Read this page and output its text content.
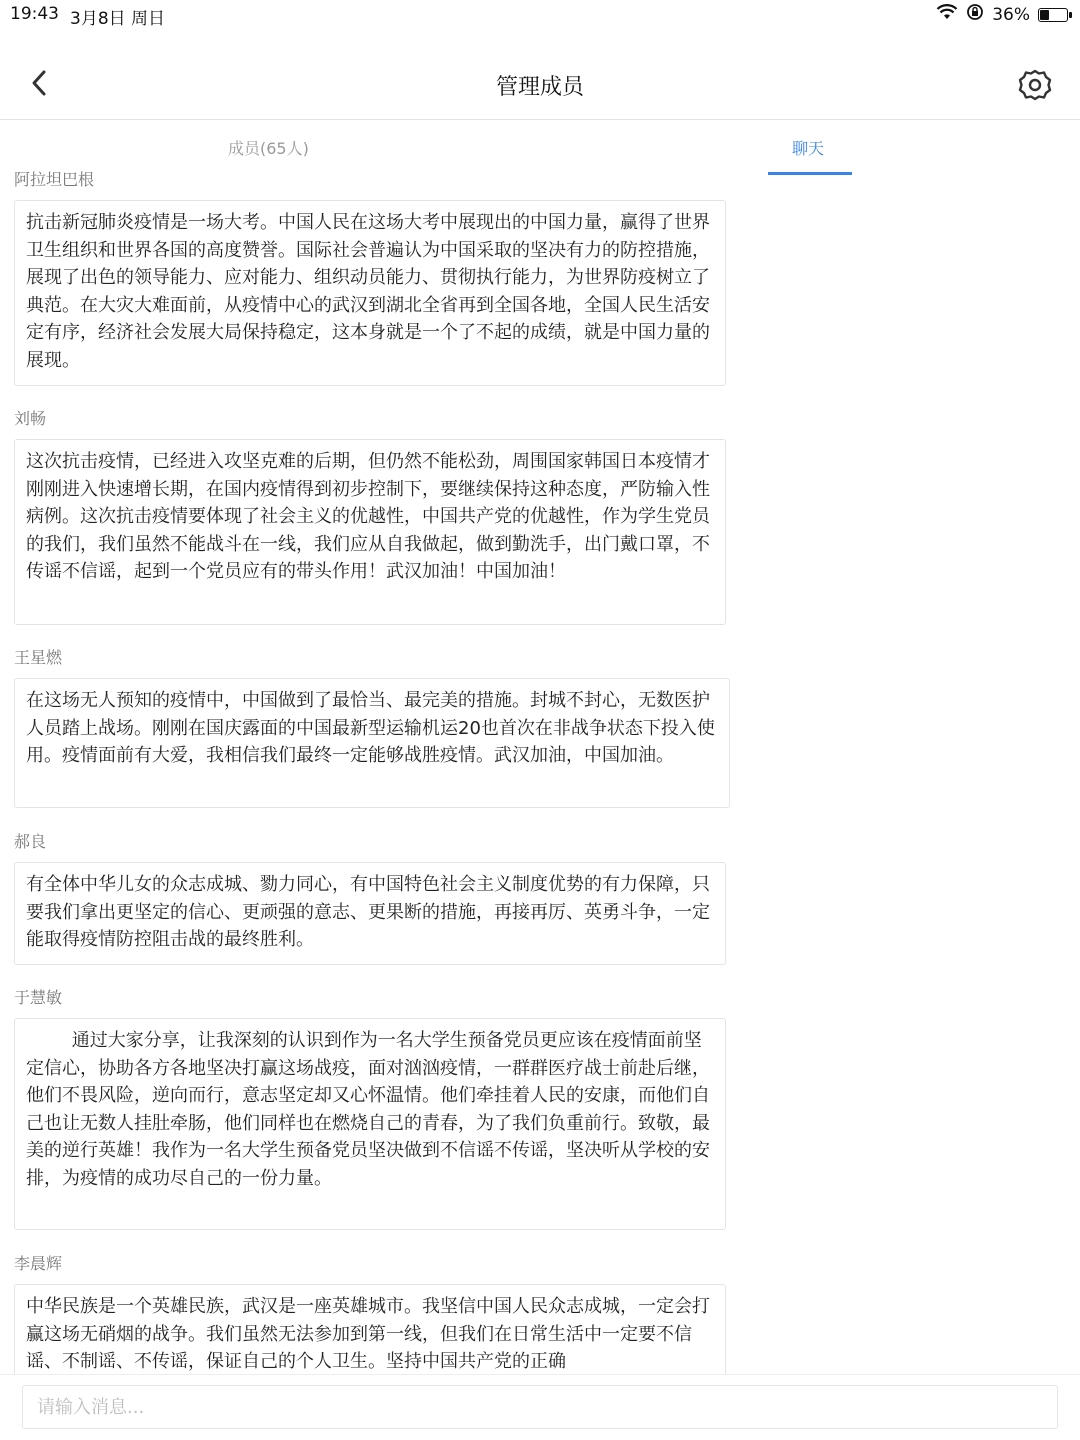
19:43 3月8日 周日	36%
管理成员
成员(65人)	聊天
阿拉坦巴根
抗击新冠肺炎疫情是一场大考。中国人民在这场大考中展现出的中国力量，赢得了世界卫生组织和世界各国的高度赞誉。国际社会普遍认为中国采取的坚决有力的防控措施，展现了出色的领导能力、应对能力、组织动员能力、贯彻执行能力，为世界防疫树立了典范。在大灾大难面前，从疫情中心的武汉到湖北全省再到全国各地，全国人民生活安定有序，经济社会发展大局保持稳定，这本身就是一个了不起的成绩，就是中国力量的展现。
刘畅
这次抗击疫情，已经进入攻坚克难的后期，但仍然不能松劲，周围国家韩国日本疫情才刚刚进入快速增长期，在国内疫情得到初步控制下，要继续保持这种态度，严防输入性病例。这次抗击疫情要体现了社会主义的优越性，中国共产党的优越性，作为学生党员的我们，我们虽然不能战斗在一线，我们应从自我做起，做到勤洗手，出门戴口罩，不传谣不信谣，起到一个党员应有的带头作用！武汉加油！中国加油！
王星燃
在这场无人预知的疫情中，中国做到了最恰当、最完美的措施。封城不封心，无数医护人员踏上战场。刚刚在国庆露面的中国最新型运输机运20也首次在非战争状态下投入使用。疫情面前有大爱，我相信我们最终一定能够战胜疫情。武汉加油，中国加油。
郝良
有全体中华儿女的众志成城、勠力同心，有中国特色社会主义制度优势的有力保障，只要我们拿出更坚定的信心、更顽强的意志、更果断的措施，再接再厉、英勇斗争，一定能取得疫情防控阻击战的最终胜利。
于慧敏
通过大家分享，让我深刻的认识到作为一名大学生预备党员更应该在疫情面前坚定信心，协助各方各地坚决打赢这场战疫，面对汹汹疫情，一群群医疗战士前赴后继，他们不畏风险，逆向而行，意志坚定却又心怀温情。他们牵挂着人民的安康，而他们自己也让无数人挂肚牵肠，他们同样也在燃烧自己的青春，为了我们负重前行。致敬，最美的逆行英雄！我作为一名大学生预备党员坚决做到不信谣不传谣，坚决听从学校的安排，为疫情的成功尽自己的一份力量。
李晨辉
中华民族是一个英雄民族，武汉是一座英雄城市。我坚信中国人民众志成城，一定会打赢这场无硝烟的战争。我们虽然无法参加到第一线，但我们在日常生活中一定要不信谣、不制谣、不传谣，保证自己的个人卫生。坚持中国共产党的正确
请输入消息...
